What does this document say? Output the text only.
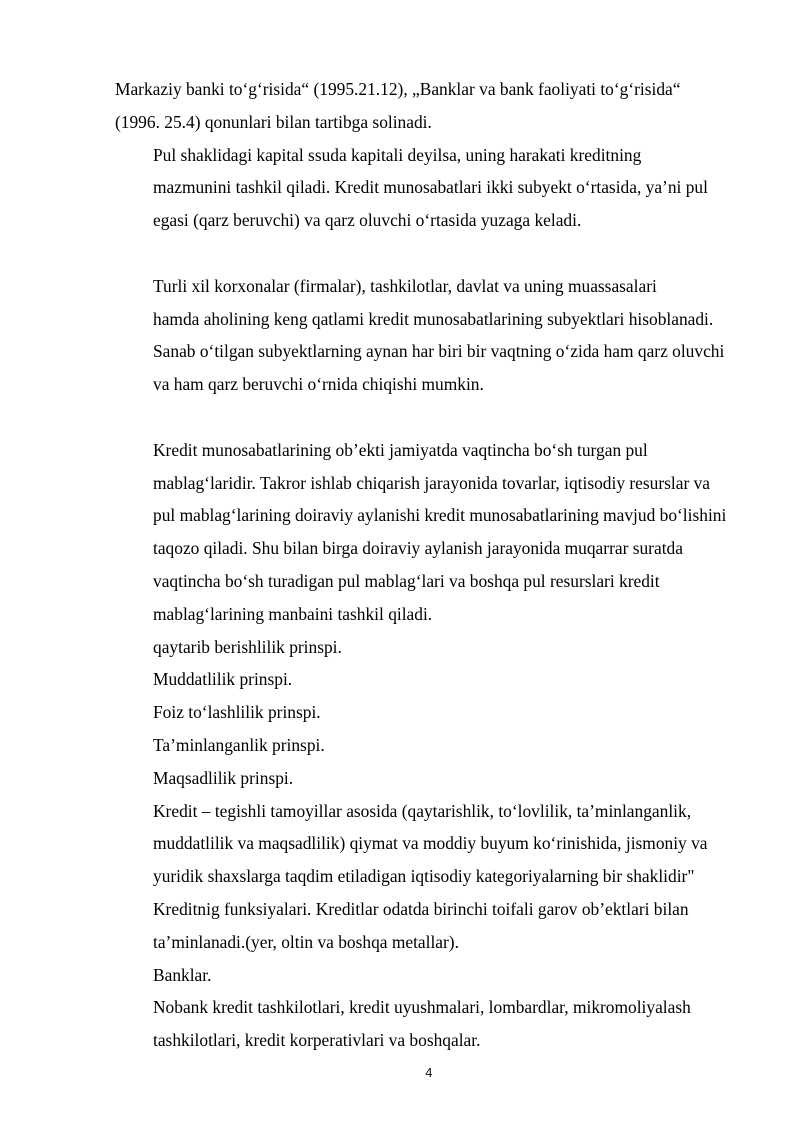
Markaziy banki to‘g‘risida“ (1995.21.12), „Banklar va bank faoliyati to‘g‘risida“
(1996. 25.4) qonunlari bilan tartibga solinadi.

Pul shaklidagi kapital ssuda kapitali deyilsa, uning harakati kreditning
mazmunini tashkil qiladi. Kredit munosabatlari ikki subyekt o‘rtasida, ya’ni pul
egasi (qarz beruvchi) va qarz oluvchi o‘rtasida yuzaga keladi.

Turli xil korxonalar (firmalar), tashkilotlar, davlat va uning muassasalari
hamda aholining keng qatlami kredit munosabatlarining subyektlari hisoblanadi.
Sanab o‘tilgan subyektlarning aynan har biri bir vaqtning o‘zida ham qarz oluvchi
va ham qarz beruvchi o‘rnida chiqishi mumkin.

Kredit munosabatlarining ob’ekti jamiyatda vaqtincha bo‘sh turgan pul
mablag‘laridir. Takror ishlab chiqarish jarayonida tovarlar, iqtisodiy resurslar va
pul mablag‘larining doiraviy aylanishi kredit munosabatlarining mavjud bo‘lishini
taqozo qiladi. Shu bilan birga doiraviy aylanish jarayonida muqarrar suratda
vaqtincha bo‘sh turadigan pul mablag‘lari va boshqa pul resurslari kredit
mablag‘larining manbaini tashkil qiladi.

qaytarib berishlilik prinspi.

Muddatlilik prinspi.

Foiz to‘lashlilik prinspi.

Ta’minlanganlik prinspi.

Maqsadlilik prinspi.

Kredit – tegishli tamoyillar asosida (qaytarishlik, to‘lovlilik, ta’minlanganlik,
muddatlilik va maqsadlilik) qiymat va moddiy buyum ko‘rinishida, jismoniy va
yuridik shaxslarga taqdim etiladigan iqtisodiy kategoriyalarning bir shaklidir"
Kreditnig funksiyalari. Kreditlar odatda birinchi toifali garov ob’ektlari bilan
ta’minlanadi.(yer, oltin va boshqa metallar).

Banklar.

Nobank kredit tashkilotlari, kredit uyushmalari, lombardlar, mikromoliyalash
tashkilotlari, kredit korperativlari va boshqalar.

4
